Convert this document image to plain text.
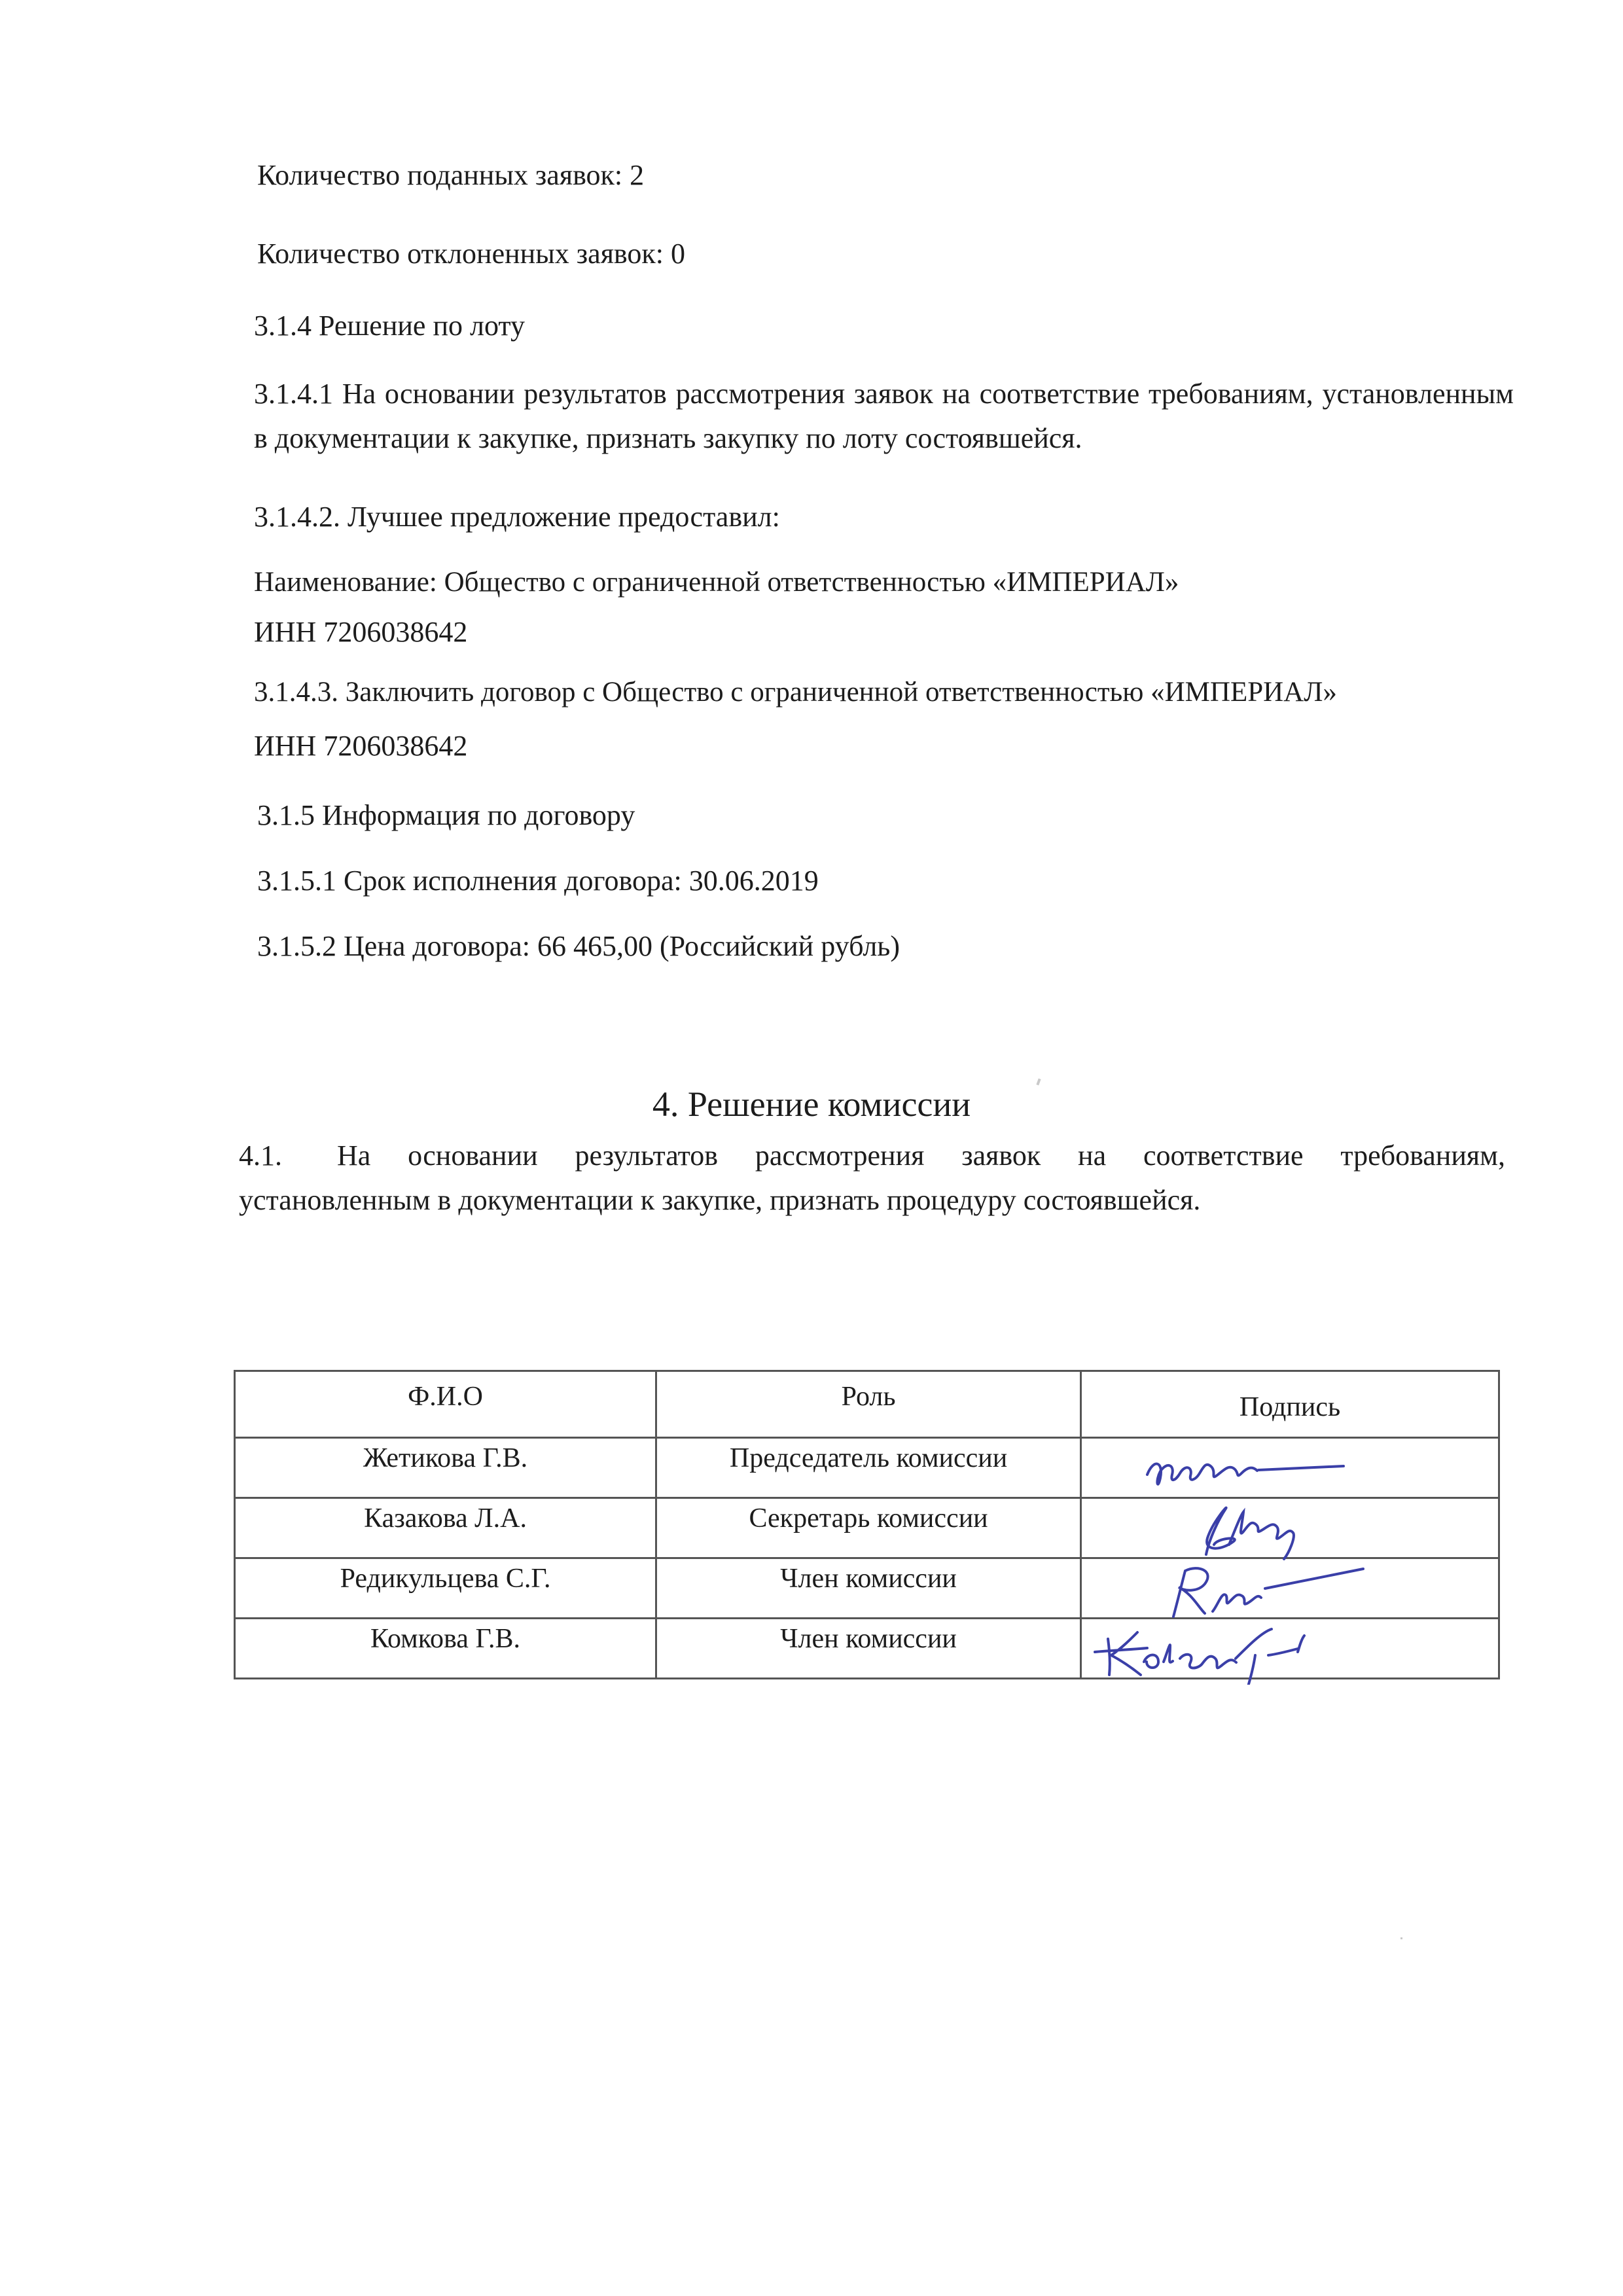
Количество поданных заявок: 2
Количество отклоненных заявок: 0
3.1.4 Решение по лоту
3.1.4.1 На основании результатов рассмотрения заявок на соответствие требованиям, установленным в документации к закупке, признать закупку по лоту состоявшейся.
3.1.4.2. Лучшее предложение предоставил:
Наименование: Общество с ограниченной ответственностью «ИМПЕРИАЛ»
ИНН 7206038642
3.1.4.3. Заключить договор с Общество с ограниченной ответственностью «ИМПЕРИАЛ»
ИНН 7206038642
3.1.5 Информация по договору
3.1.5.1 Срок исполнения договора: 30.06.2019
3.1.5.2 Цена договора: 66 465,00 (Российский рубль)
4. Решение комиссии
4.1. На основании результатов рассмотрения заявок на соответствие требованиям,
установленным в документации к закупке, признать процедуру состоявшейся.
Ф.И.О	Роль	Подпись
Жетикова Г.В.	Председатель комиссии	

Казакова Л.А.	Секретарь комиссии	

Редикульцева С.Г.	Член комиссии	

Комкова Г.В.	Член комиссии	
